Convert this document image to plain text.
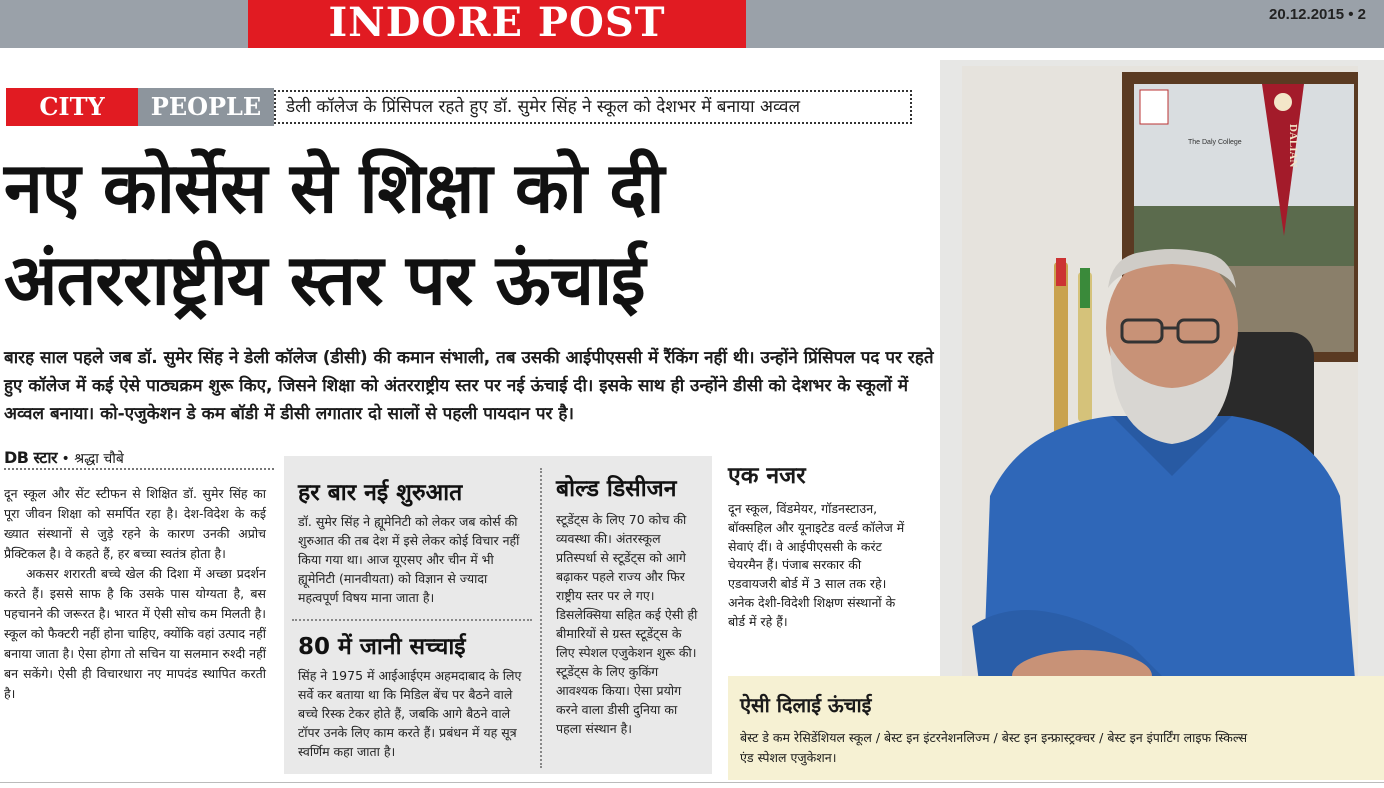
INDORE POST	20.12.2015 • 2
CITY	PEOPLE	डेली कॉलेज के प्रिंसिपल रहते हुए डॉ. सुमेर सिंह ने स्कूल को देशभर में बनाया अव्वल
नए कोर्सेस से शिक्षा को दी
अंतरराष्ट्रीय स्तर पर ऊंचाई

बारह साल पहले जब डॉ. सुमेर सिंह ने डेली कॉलेज (डीसी) की कमान संभाली, तब उसकी आईपीएससी में रैंकिंग नहीं थी। उन्होंने प्रिंसिपल पद पर रहते हुए कॉलेज में कई ऐसे पाठ्यक्रम शुरू किए, जिसने शिक्षा को अंतरराष्ट्रीय स्तर पर नई ऊंचाई दी। इसके साथ ही उन्होंने डीसी को देशभर के स्कूलों में अव्वल बनाया। को-एजुकेशन डे कम बॉडी में डीसी लगातार दो सालों से पहली पायदान पर है।

DB स्टार • श्रद्धा चौबे

दून स्कूल और सेंट स्टीफन से शिक्षित डॉ. सुमेर सिंह का पूरा जीवन शिक्षा को समर्पित रहा है। देश-विदेश के कई ख्यात संस्थानों से जुड़े रहने के कारण उनकी अप्रोच प्रैक्टिकल है। वे कहते हैं, हर बच्चा स्वतंत्र होता है।

अकसर शरारती बच्चे खेल की दिशा में अच्छा प्रदर्शन करते हैं। इससे साफ है कि उसके पास योग्यता है, बस पहचानने की जरूरत है। भारत में ऐसी सोच कम मिलती है। स्कूल को फैक्टरी नहीं होना चाहिए, क्योंकि वहां उत्पाद नहीं बनाया जाता है। ऐसा होगा तो सचिन या सलमान रुश्दी नहीं बन सकेंगे। ऐसी ही विचारधारा नए मापदंड स्थापित करती है।

हर बार नई शुरुआत
डॉ. सुमेर सिंह ने ह्यूमेनिटी को लेकर जब कोर्स की शुरुआत की तब देश में इसे लेकर कोई विचार नहीं किया गया था। आज यूएसए और चीन में भी ह्यूमेनिटी (मानवीयता) को विज्ञान से ज्यादा महत्वपूर्ण विषय माना जाता है।
80 में जानी सच्चाई
सिंह ने 1975 में आईआईएम अहमदाबाद के लिए सर्वे कर बताया था कि मिडिल बेंच पर बैठने वाले बच्चे रिस्क टेकर होते हैं, जबकि आगे बैठने वाले टॉपर उनके लिए काम करते हैं। प्रबंधन में यह सूत्र स्वर्णिम कहा जाता है।
बोल्ड डिसीजन
स्टूडेंट्स के लिए 70 कोच की व्यवस्था की। अंतरस्कूल प्रतिस्पर्धा से स्टूडेंट्स को आगे बढ़ाकर पहले राज्य और फिर राष्ट्रीय स्तर पर ले गए। डिसलेक्सिया सहित कई ऐसी ही बीमारियों से ग्रस्त स्टूडेंट्स के लिए स्पेशल एजुकेशन शुरू की। स्टूडेंट्स के लिए कुकिंग आवश्यक किया। ऐसा प्रयोग करने वाला डीसी दुनिया का पहला संस्थान है।
The Daly College	DALIAN
एक नजर
दून स्कूल, विंडमेयर, गॉडनस्टाउन, बॉक्सहिल और यूनाइटेड वर्ल्ड कॉलेज में सेवाएं दीं। वे आईपीएससी के करंट चेयरमैन हैं। पंजाब सरकार की एडवायजरी बोर्ड में 3 साल तक रहे। अनेक देशी-विदेशी शिक्षण संस्थानों के बोर्ड में रहे हैं।
ऐसी दिलाई ऊंचाई
बेस्ट डे कम रेसिडेंशियल स्कूल / बेस्ट इन इंटरनेशनलिज्म / बेस्ट इन इन्फ्रास्ट्रक्चर / बेस्ट इन इंपार्टिंग लाइफ स्किल्स एंड स्पेशल एजुकेशन।
